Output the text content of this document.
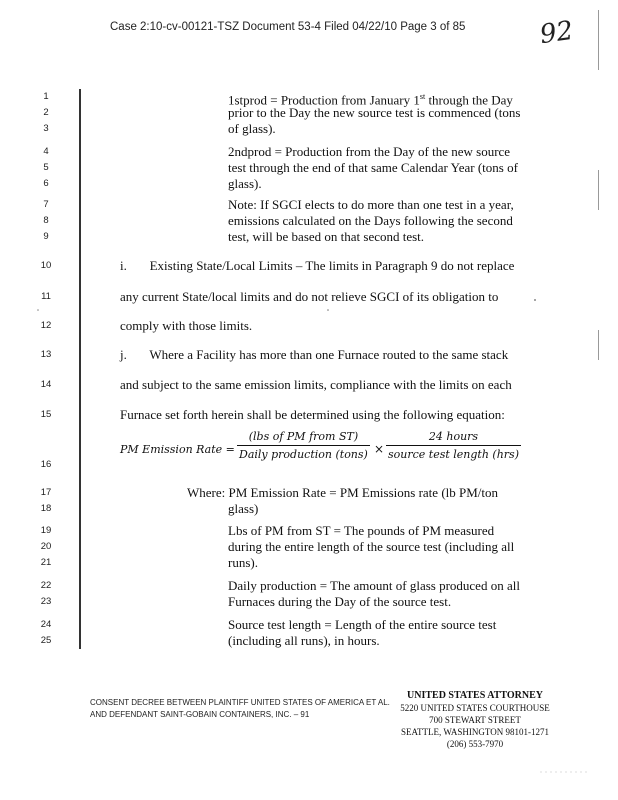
Case 2:10-cv-00121-TSZ Document 53-4 Filed 04/22/10 Page 3 of 85	92
1
2
3
4
5
6
7
8
9
10
11
12
13
14
15
16
17
18
19
20
21
22
23
24
25
1stprod = Production from January 1st through the Day
prior to the Day the new source test is commenced (tons
of glass).
2ndprod = Production from the Day of the new source
test through the end of that same Calendar Year (tons of
glass).
Note: If SGCI elects to do more than one test in a year,
emissions calculated on the Days following the second
test, will be based on that second test.
i.       Existing State/Local Limits – The limits in Paragraph 9 do not replace
any current State/local limits and do not relieve SGCI of its obligation to
comply with those limits.
j.       Where a Facility has more than one Furnace routed to the same stack
and subject to the same emission limits, compliance with the limits on each
Furnace set forth herein shall be determined using the following equation:
PM Emission Rate =
(lbs of PM from ST)
Daily production (tons) ×
24 hours
source test length (hrs)
Where: PM Emission Rate = PM Emissions rate (lb PM/ton
glass)
Lbs of PM from ST = The pounds of PM measured
during the entire length of the source test (including all
runs).
Daily production = The amount of glass produced on all
Furnaces during the Day of the source test.
Source test length = Length of the entire source test
(including all runs), in hours.
CONSENT DECREE BETWEEN PLAINTIFF UNITED STATES OF AMERICA ET AL.
AND DEFENDANT SAINT-GOBAIN CONTAINERS, INC. – 91
UNITED STATES ATTORNEY
5220 UNITED STATES COURTHOUSE
700 STEWART STREET
SEATTLE, WASHINGTON 98101-1271
(206) 553-7970
